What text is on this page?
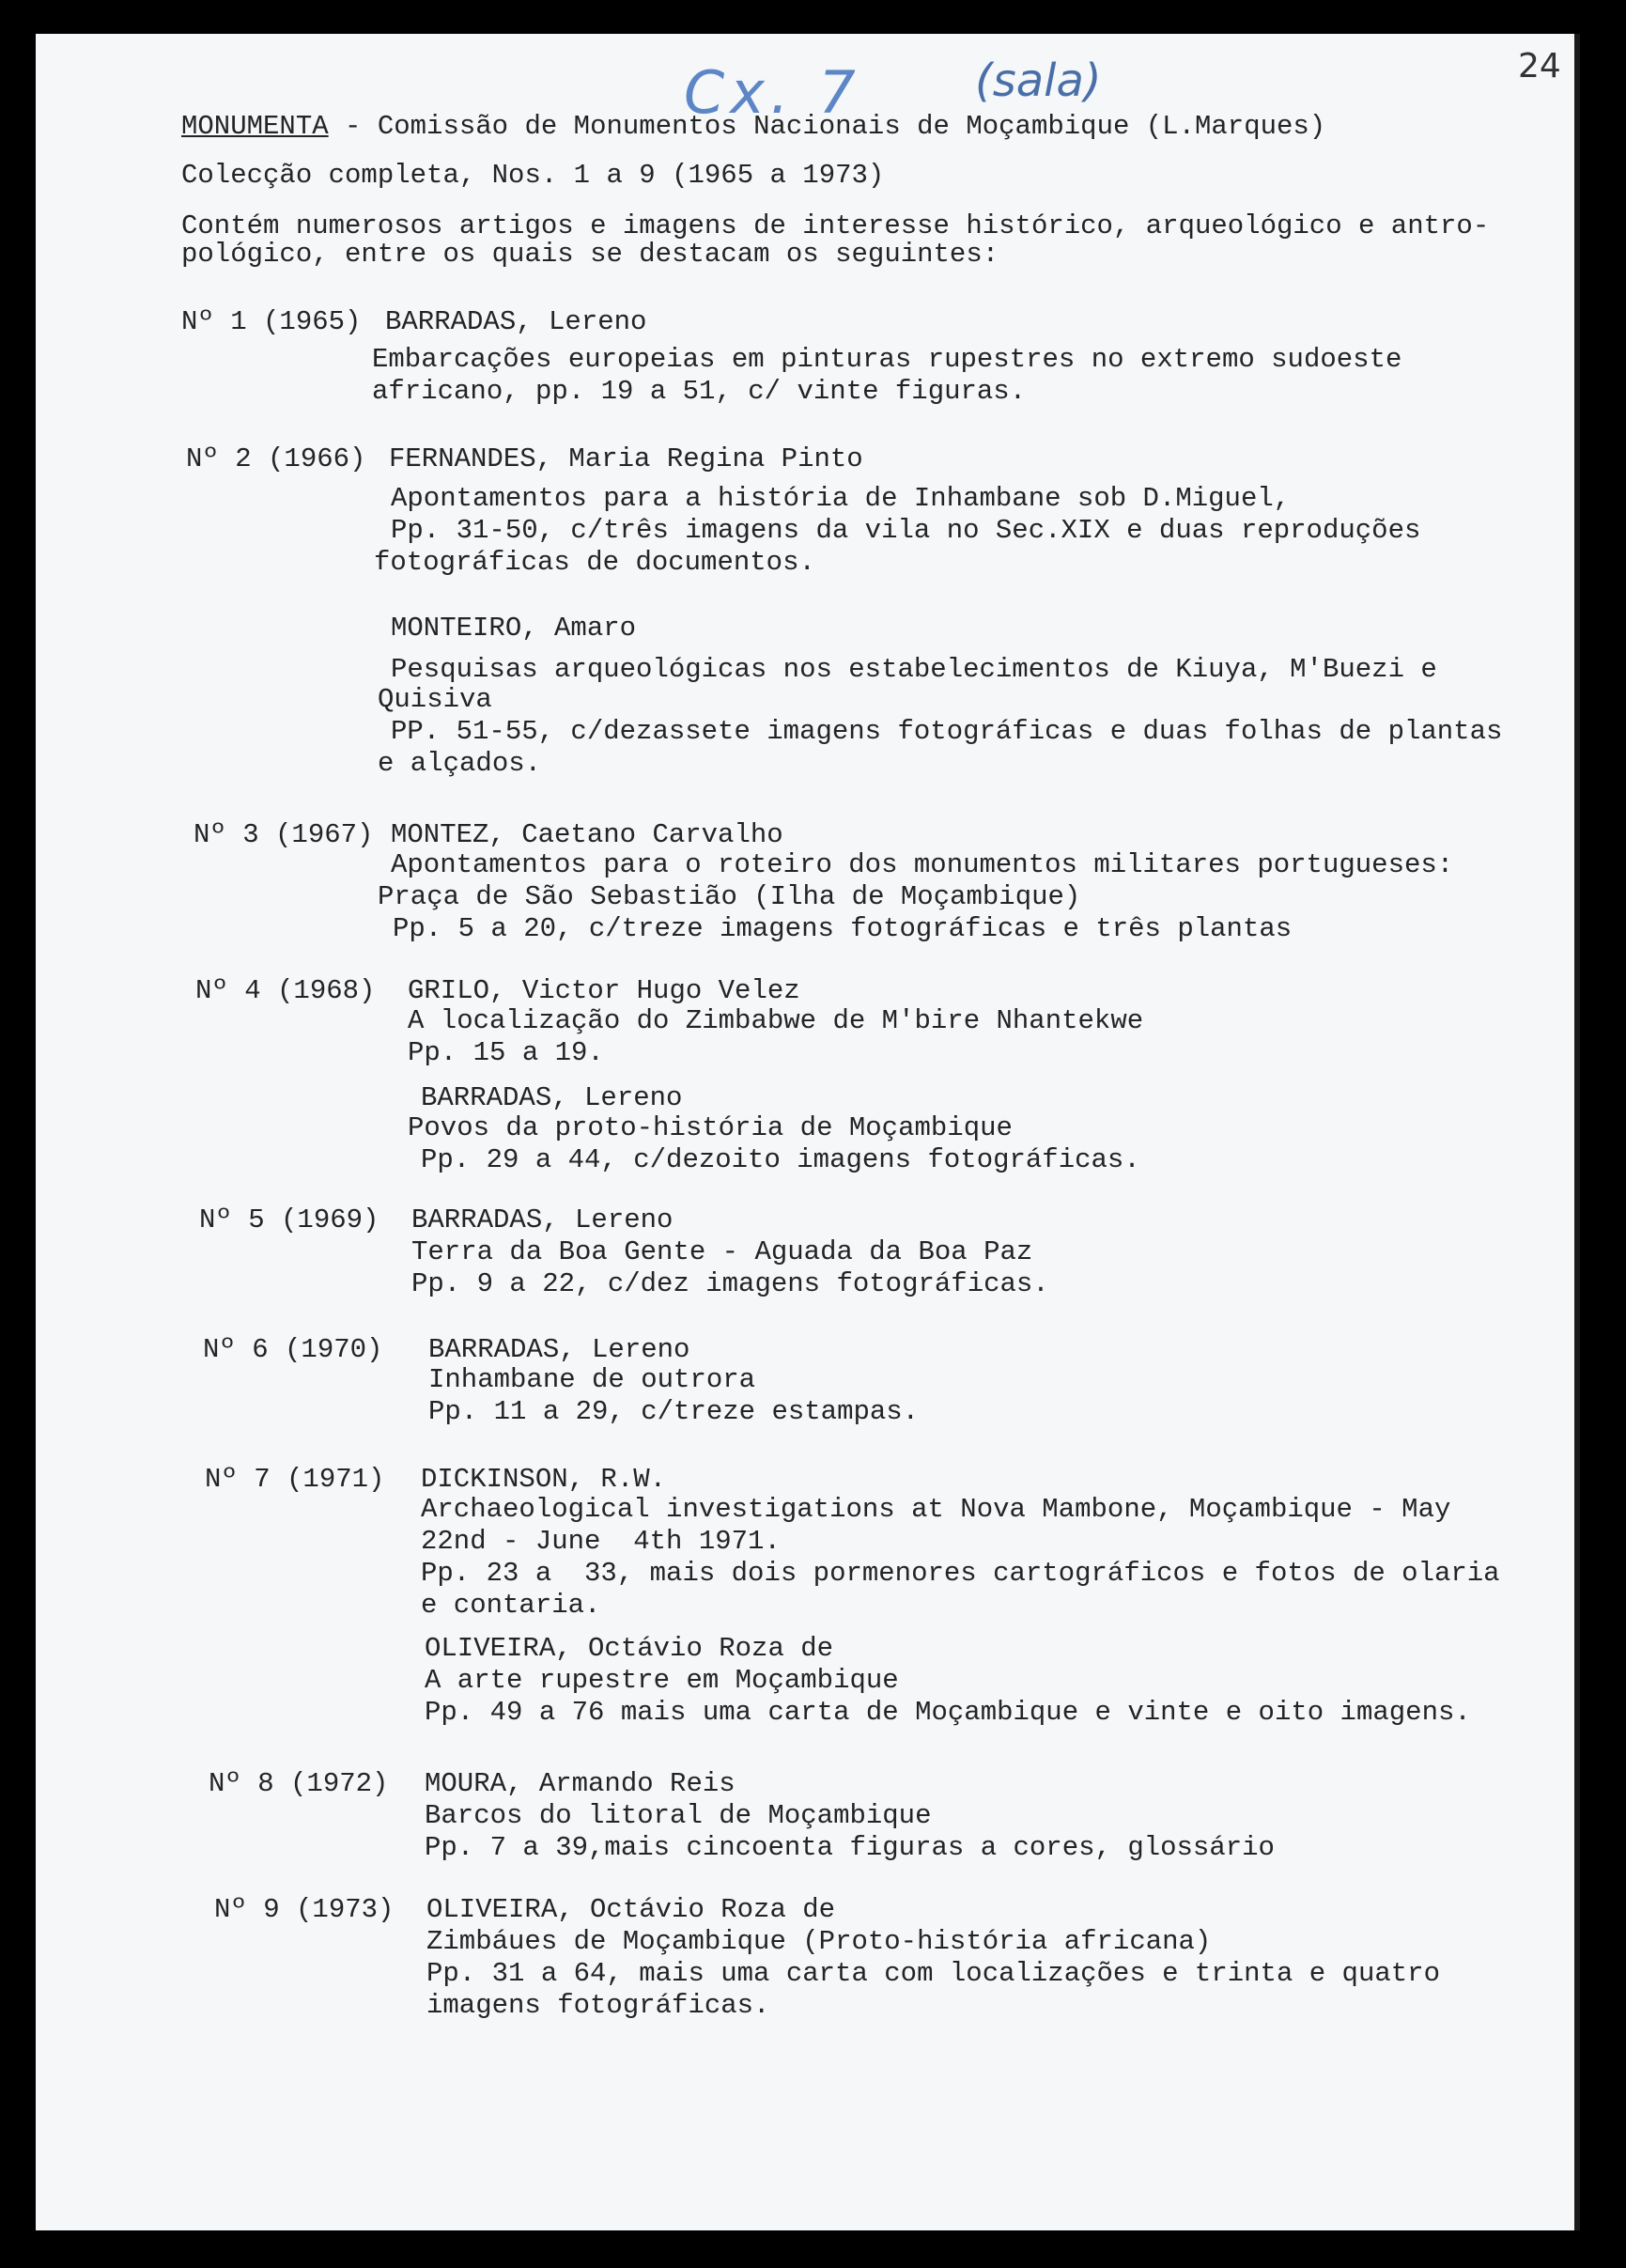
Cx. 7	(sala)	24
MONUMENTA - Comissão de Monumentos Nacionais de Moçambique (L.Marques)
Colecção completa, Nos. 1 a 9 (1965 a 1973)
Contém numerosos artigos e imagens de interesse histórico, arqueológico e antro-
pológico, entre os quais se destacam os seguintes:
Nº 1 (1965) BARRADAS, Lereno
Embarcações europeias em pinturas rupestres no extremo sudoeste
africano, pp. 19 a 51, c/ vinte figuras.
Nº 2 (1966) FERNANDES, Maria Regina Pinto
Apontamentos para a história de Inhambane sob D.Miguel,
Pp. 31-50, c/três imagens da vila no Sec.XIX e duas reproduções
fotográficas de documentos.
MONTEIRO, Amaro
Pesquisas arqueológicas nos estabelecimentos de Kiuya, M'Buezi e
Quisiva
PP. 51-55, c/dezassete imagens fotográficas e duas folhas de plantas
e alçados.
Nº 3 (1967) MONTEZ, Caetano Carvalho
Apontamentos para o roteiro dos monumentos militares portugueses:
Praça de São Sebastião (Ilha de Moçambique)
Pp. 5 a 20, c/treze imagens fotográficas e três plantas
Nº 4 (1968) GRILO, Victor Hugo Velez
A localização do Zimbabwe de M'bire Nhantekwe
Pp. 15 a 19.
BARRADAS, Lereno
Povos da proto-história de Moçambique
Pp. 29 a 44, c/dezoito imagens fotográficas.
Nº 5 (1969) BARRADAS, Lereno
Terra da Boa Gente - Aguada da Boa Paz
Pp. 9 a 22, c/dez imagens fotográficas.
Nº 6 (1970) BARRADAS, Lereno
Inhambane de outrora
Pp. 11 a 29, c/treze estampas.
Nº 7 (1971) DICKINSON, R.W.
Archaeological investigations at Nova Mambone, Moçambique - May
22nd - June  4th 1971.
Pp. 23 a  33, mais dois pormenores cartográficos e fotos de olaria
e contaria.
OLIVEIRA, Octávio Roza de
A arte rupestre em Moçambique
Pp. 49 a 76 mais uma carta de Moçambique e vinte e oito imagens.
Nº 8 (1972) MOURA, Armando Reis
Barcos do litoral de Moçambique
Pp. 7 a 39,mais cincoenta figuras a cores, glossário
Nº 9 (1973) OLIVEIRA, Octávio Roza de
Zimbáues de Moçambique (Proto-história africana)
Pp. 31 a 64, mais uma carta com localizações e trinta e quatro
imagens fotográficas.
